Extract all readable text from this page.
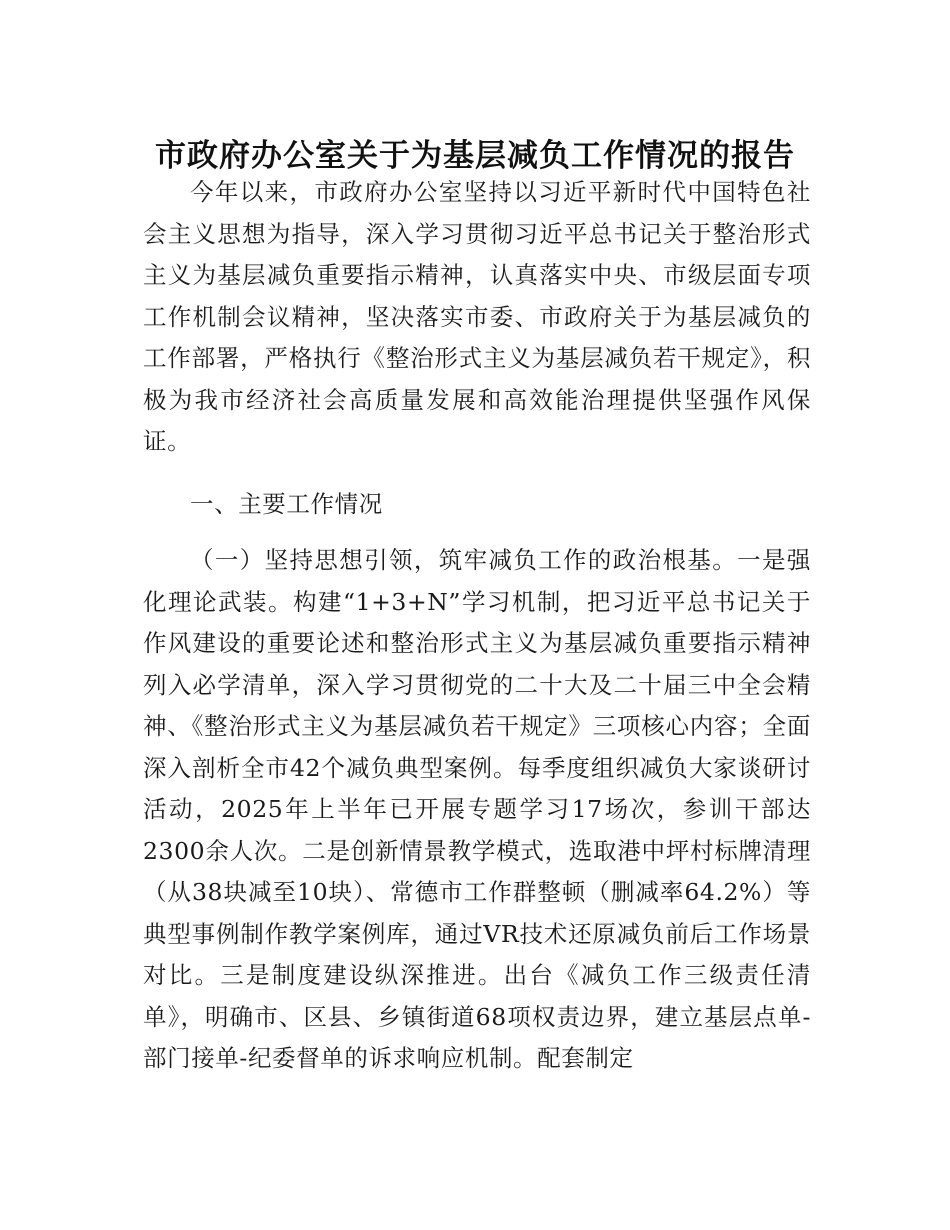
市政府办公室关于为基层减负工作情况的报告

今年以来，市政府办公室坚持以习近平新时代中国特色社会主义思想为指导，深入学习贯彻习近平总书记关于整治形式主义为基层减负重要指示精神，认真落实中央、市级层面专项工作机制会议精神，坚决落实市委、市政府关于为基层减负的工作部署，严格执行《整治形式主义为基层减负若干规定》，积极为我市经济社会高质量发展和高效能治理提供坚强作风保证。

一、主要工作情况

（一）坚持思想引领，筑牢减负工作的政治根基。一是强化理论武装。构建“1+3+N”学习机制，把习近平总书记关于作风建设的重要论述和整治形式主义为基层减负重要指示精神列入必学清单，深入学习贯彻党的二十大及二十届三中全会精神、《整治形式主义为基层减负若干规定》三项核心内容；全面深入剖析全市42个减负典型案例。每季度组织减负大家谈研讨活动，2025年上半年已开展专题学习17场次，参训干部达2300余人次。二是创新情景教学模式，选取港中坪村标牌清理（从38块减至10块）、常德市工作群整顿（删减率64.2%）等典型事例制作教学案例库，通过VR技术还原减负前后工作场景对比。三是制度建设纵深推进。出台《减负工作三级责任清单》，明确市、区县、乡镇街道68项权责边界，建立基层点单-部门接单-纪委督单的诉求响应机制。配套制定
